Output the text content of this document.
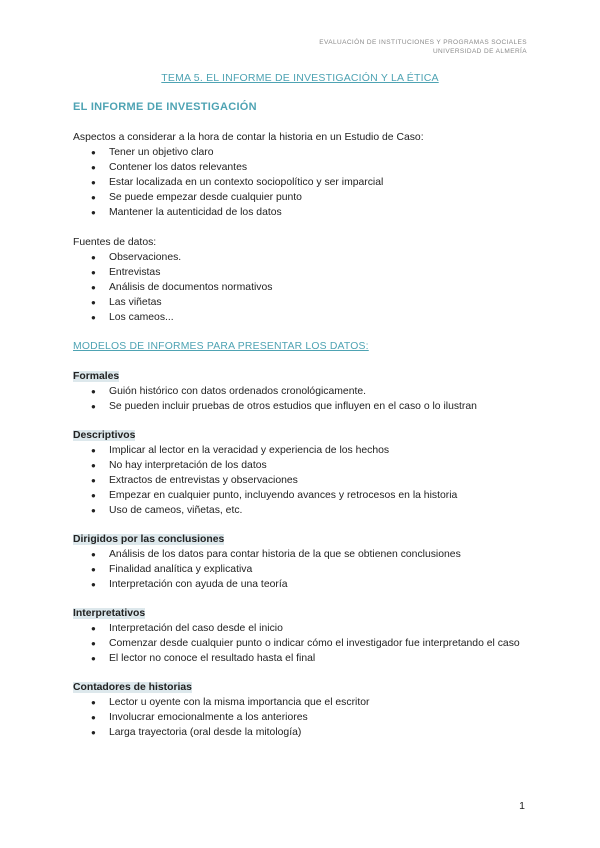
EVALUACIÓN DE INSTITUCIONES Y PROGRAMAS SOCIALES
UNIVERSIDAD DE ALMERÍA
TEMA 5. EL INFORME DE INVESTIGACIÓN Y LA ÉTICA
EL INFORME DE INVESTIGACIÓN

Aspectos a considerar a la hora de contar la historia en un Estudio de Caso:

● Tener un objetivo claro
● Contener los datos relevantes
● Estar localizada en un contexto sociopolítico y ser imparcial
● Se puede empezar desde cualquier punto
● Mantener la autenticidad de los datos

Fuentes de datos:

● Observaciones.
● Entrevistas
● Análisis de documentos normativos
● Las viñetas
● Los cameos...
MODELOS DE INFORMES PARA PRESENTAR LOS DATOS:
Formales
● Guión histórico con datos ordenados cronológicamente.
● Se pueden incluir pruebas de otros estudios que influyen en el caso o lo ilustran
Descriptivos
● Implicar al lector en la veracidad y experiencia de los hechos
● No hay interpretación de los datos
● Extractos de entrevistas y observaciones
● Empezar en cualquier punto, incluyendo avances y retrocesos en la historia
● Uso de cameos, viñetas, etc.
Dirigidos por las conclusiones
● Análisis de los datos para contar historia de la que se obtienen conclusiones
● Finalidad analítica y explicativa
● Interpretación con ayuda de una teoría
Interpretativos
● Interpretación del caso desde el inicio
● Comenzar desde cualquier punto o indicar cómo el investigador fue interpretando el caso
● El lector no conoce el resultado hasta el final
Contadores de historias
● Lector u oyente con la misma importancia que el escritor
● Involucrar emocionalmente a los anteriores
● Larga trayectoria (oral desde la mitología)
1
